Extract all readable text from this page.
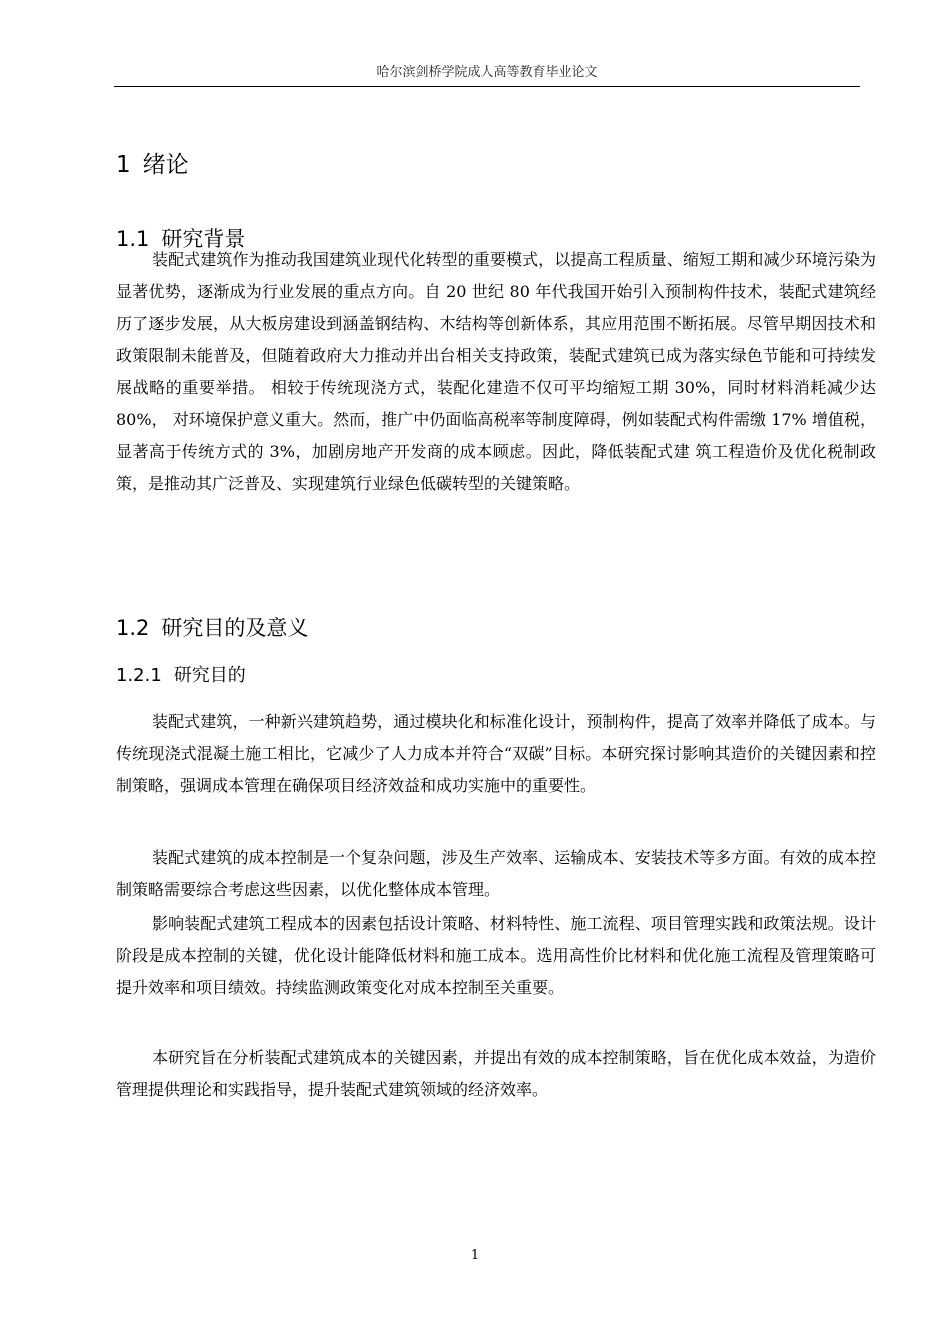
哈尔滨剑桥学院成人高等教育毕业论文
1 绪论
1.1 研究背景

装配式建筑作为推动我国建筑业现代化转型的重要模式，以提高工程质量、缩短工期和减少环境污染为显著优势，逐渐成为行业发展的重点方向。自 20 世纪 80 年代我国开始引入预制构件技术，装配式建筑经历了逐步发展，从大板房建设到涵盖钢结构、木结构等创新体系，其应用范围不断拓展。尽管早期因技术和政策限制未能普及，但随着政府大力推动并出台相关支持政策，装配式建筑已成为落实绿色节能和可持续发展战略的重要举措。 相较于传统现浇方式，装配化建造不仅可平均缩短工期 30%，同时材料消耗减少达 80%， 对环境保护意义重大。然而，推广中仍面临高税率等制度障碍，例如装配式构件需缴 17% 增值税，显著高于传统方式的 3%，加剧房地产开发商的成本顾虑。因此，降低装配式建 筑工程造价及优化税制政策，是推动其广泛普及、实现建筑行业绿色低碳转型的关键策略。

1.2 研究目的及意义
1.2.1 研究目的

装配式建筑，一种新兴建筑趋势，通过模块化和标准化设计，预制构件，提高了效率并降低了成本。与传统现浇式混凝土施工相比，它减少了人力成本并符合“双碳”目标。本研究探讨影响其造价的关键因素和控制策略，强调成本管理在确保项目经济效益和成功实施中的重要性。

装配式建筑的成本控制是一个复杂问题，涉及生产效率、运输成本、安装技术等多方面。有效的成本控制策略需要综合考虑这些因素，以优化整体成本管理。

影响装配式建筑工程成本的因素包括设计策略、材料特性、施工流程、项目管理实践和政策法规。设计阶段是成本控制的关键，优化设计能降低材料和施工成本。选用高性价比材料和优化施工流程及管理策略可提升效率和项目绩效。持续监测政策变化对成本控制至关重要。

本研究旨在分析装配式建筑成本的关键因素，并提出有效的成本控制策略，旨在优化成本效益，为造价管理提供理论和实践指导，提升装配式建筑领域的经济效率。

1
